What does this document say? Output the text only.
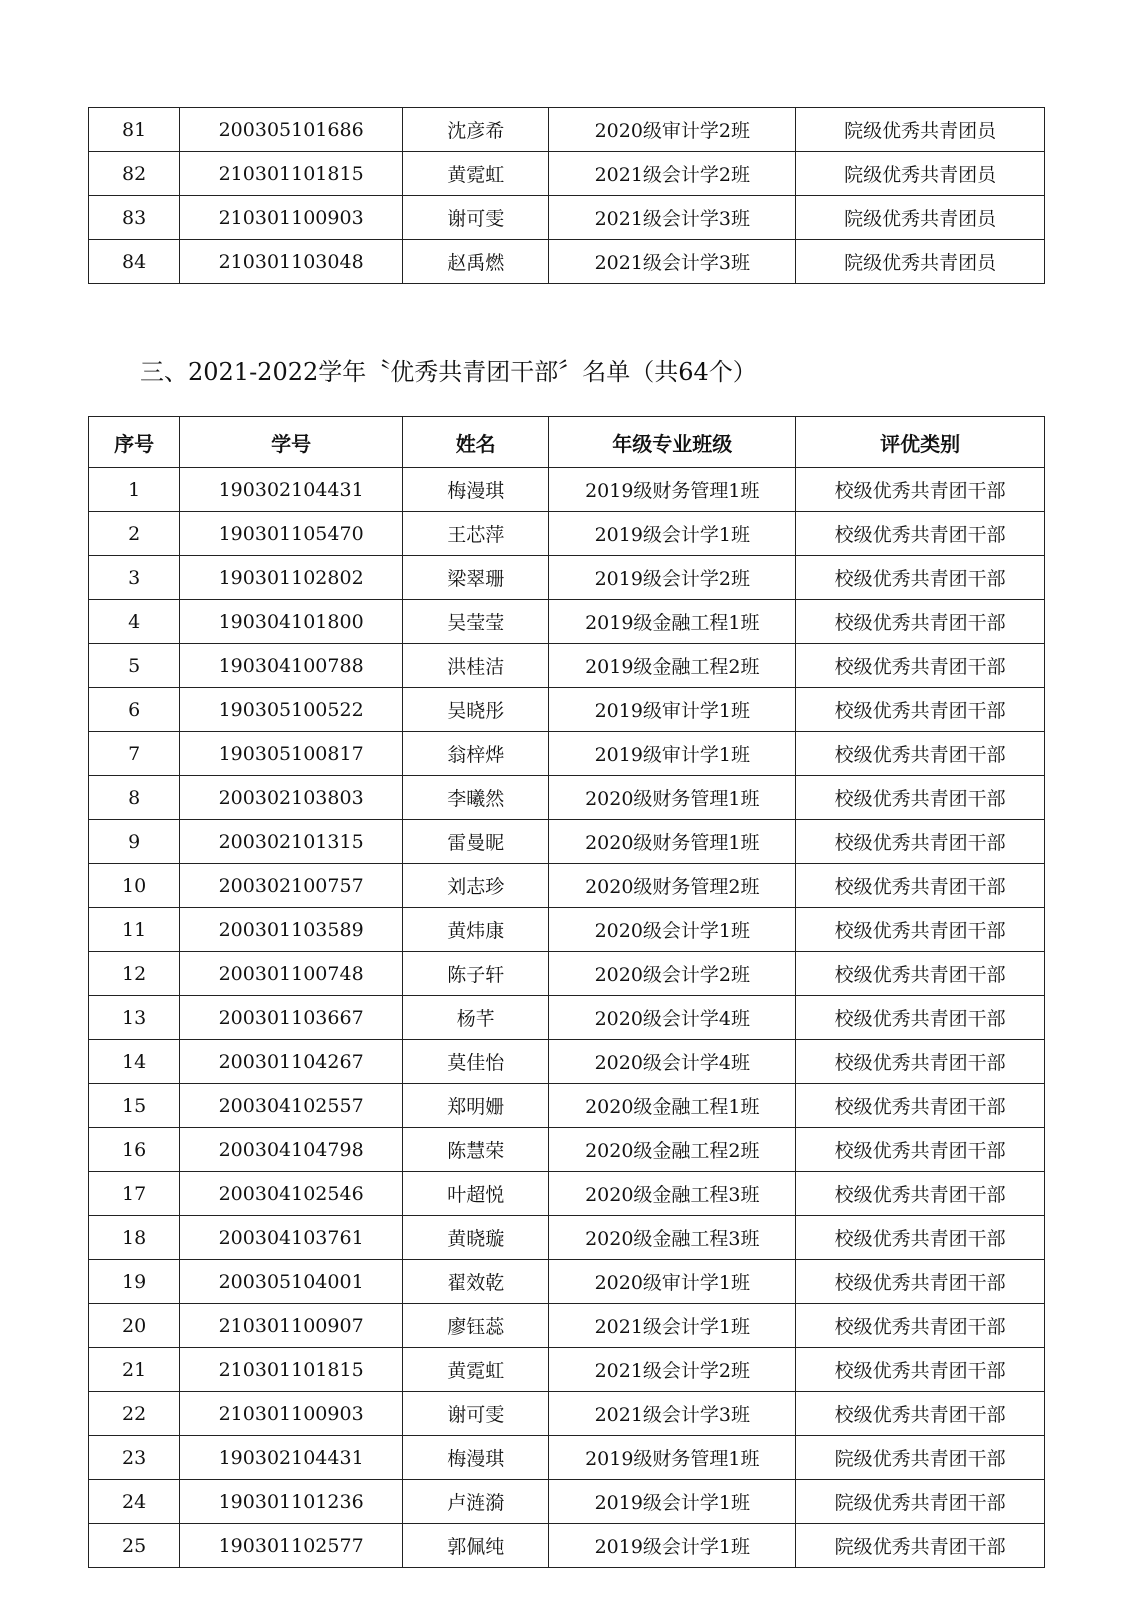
81	200305101686	沈彦希	2020级审计学2班	院级优秀共青团员
82	210301101815	黄霓虹	2021级会计学2班	院级优秀共青团员
83	210301100903	谢可雯	2021级会计学3班	院级优秀共青团员
84	210301103048	赵禹燃	2021级会计学3班	院级优秀共青团员
三、2021-2022学年〝优秀共青团干部〞名单（共64个）
序号	学号	姓名	年级专业班级	评优类别
1	190302104431	梅漫琪	2019级财务管理1班	校级优秀共青团干部
2	190301105470	王芯萍	2019级会计学1班	校级优秀共青团干部
3	190301102802	梁翠珊	2019级会计学2班	校级优秀共青团干部
4	190304101800	吴莹莹	2019级金融工程1班	校级优秀共青团干部
5	190304100788	洪桂洁	2019级金融工程2班	校级优秀共青团干部
6	190305100522	吴晓彤	2019级审计学1班	校级优秀共青团干部
7	190305100817	翁梓烨	2019级审计学1班	校级优秀共青团干部
8	200302103803	李曦然	2020级财务管理1班	校级优秀共青团干部
9	200302101315	雷曼昵	2020级财务管理1班	校级优秀共青团干部
10	200302100757	刘志珍	2020级财务管理2班	校级优秀共青团干部
11	200301103589	黄炜康	2020级会计学1班	校级优秀共青团干部
12	200301100748	陈子轩	2020级会计学2班	校级优秀共青团干部
13	200301103667	杨芊	2020级会计学4班	校级优秀共青团干部
14	200301104267	莫佳怡	2020级会计学4班	校级优秀共青团干部
15	200304102557	郑明姗	2020级金融工程1班	校级优秀共青团干部
16	200304104798	陈慧荣	2020级金融工程2班	校级优秀共青团干部
17	200304102546	叶超悦	2020级金融工程3班	校级优秀共青团干部
18	200304103761	黄晓璇	2020级金融工程3班	校级优秀共青团干部
19	200305104001	翟效乾	2020级审计学1班	校级优秀共青团干部
20	210301100907	廖钰蕊	2021级会计学1班	校级优秀共青团干部
21	210301101815	黄霓虹	2021级会计学2班	校级优秀共青团干部
22	210301100903	谢可雯	2021级会计学3班	校级优秀共青团干部
23	190302104431	梅漫琪	2019级财务管理1班	院级优秀共青团干部
24	190301101236	卢涟漪	2019级会计学1班	院级优秀共青团干部
25	190301102577	郭佩纯	2019级会计学1班	院级优秀共青团干部
